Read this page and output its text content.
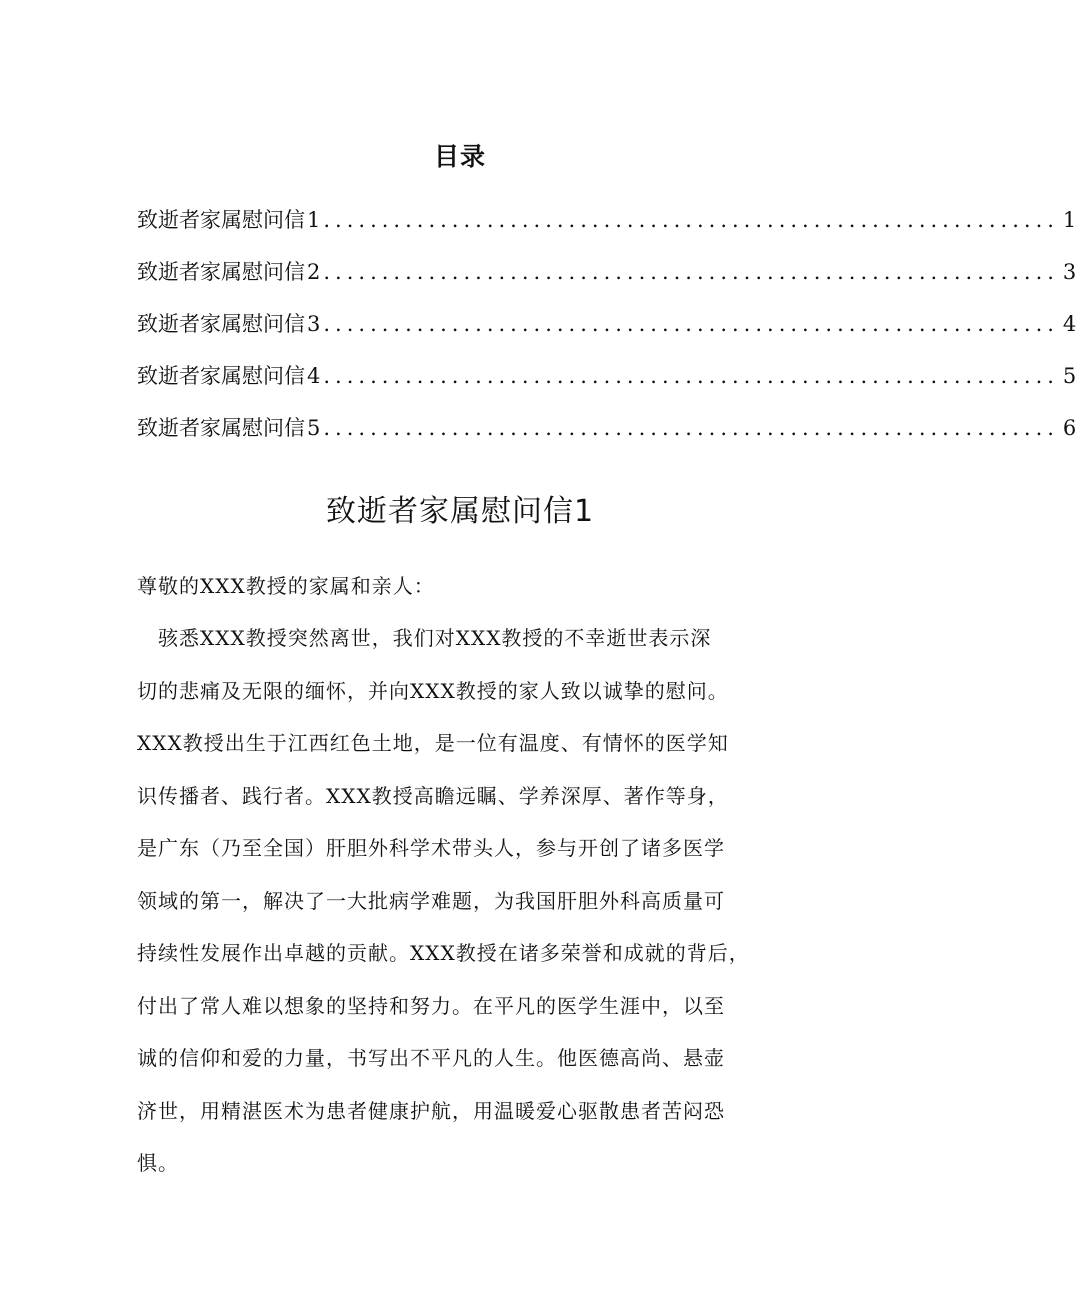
目录
致逝者家属慰问信 1 ............................................................... 1
致逝者家属慰问信 2 ............................................................... 3
致逝者家属慰问信 3 ............................................................... 4
致逝者家属慰问信 4 ............................................................... 5
致逝者家属慰问信 5 ............................................................... 6
致逝者家属慰问信1
尊敬的XXX教授的家属和亲人：
　骇悉XXX教授突然离世，我们对XXX教授的不幸逝世表示深
切的悲痛及无限的缅怀，并向XXX教授的家人致以诚挚的慰问。
XXX教授出生于江西红色土地，是一位有温度、有情怀的医学知
识传播者、践行者。XXX教授高瞻远瞩、学养深厚、著作等身，
是广东（乃至全国）肝胆外科学术带头人，参与开创了诸多医学
领域的第一，解决了一大批病学难题，为我国肝胆外科高质量可
持续性发展作出卓越的贡献。XXX教授在诸多荣誉和成就的背后，
付出了常人难以想象的坚持和努力。在平凡的医学生涯中，以至
诚的信仰和爱的力量，书写出不平凡的人生。他医德高尚、悬壶
济世，用精湛医术为患者健康护航，用温暖爱心驱散患者苦闷恐
惧。
